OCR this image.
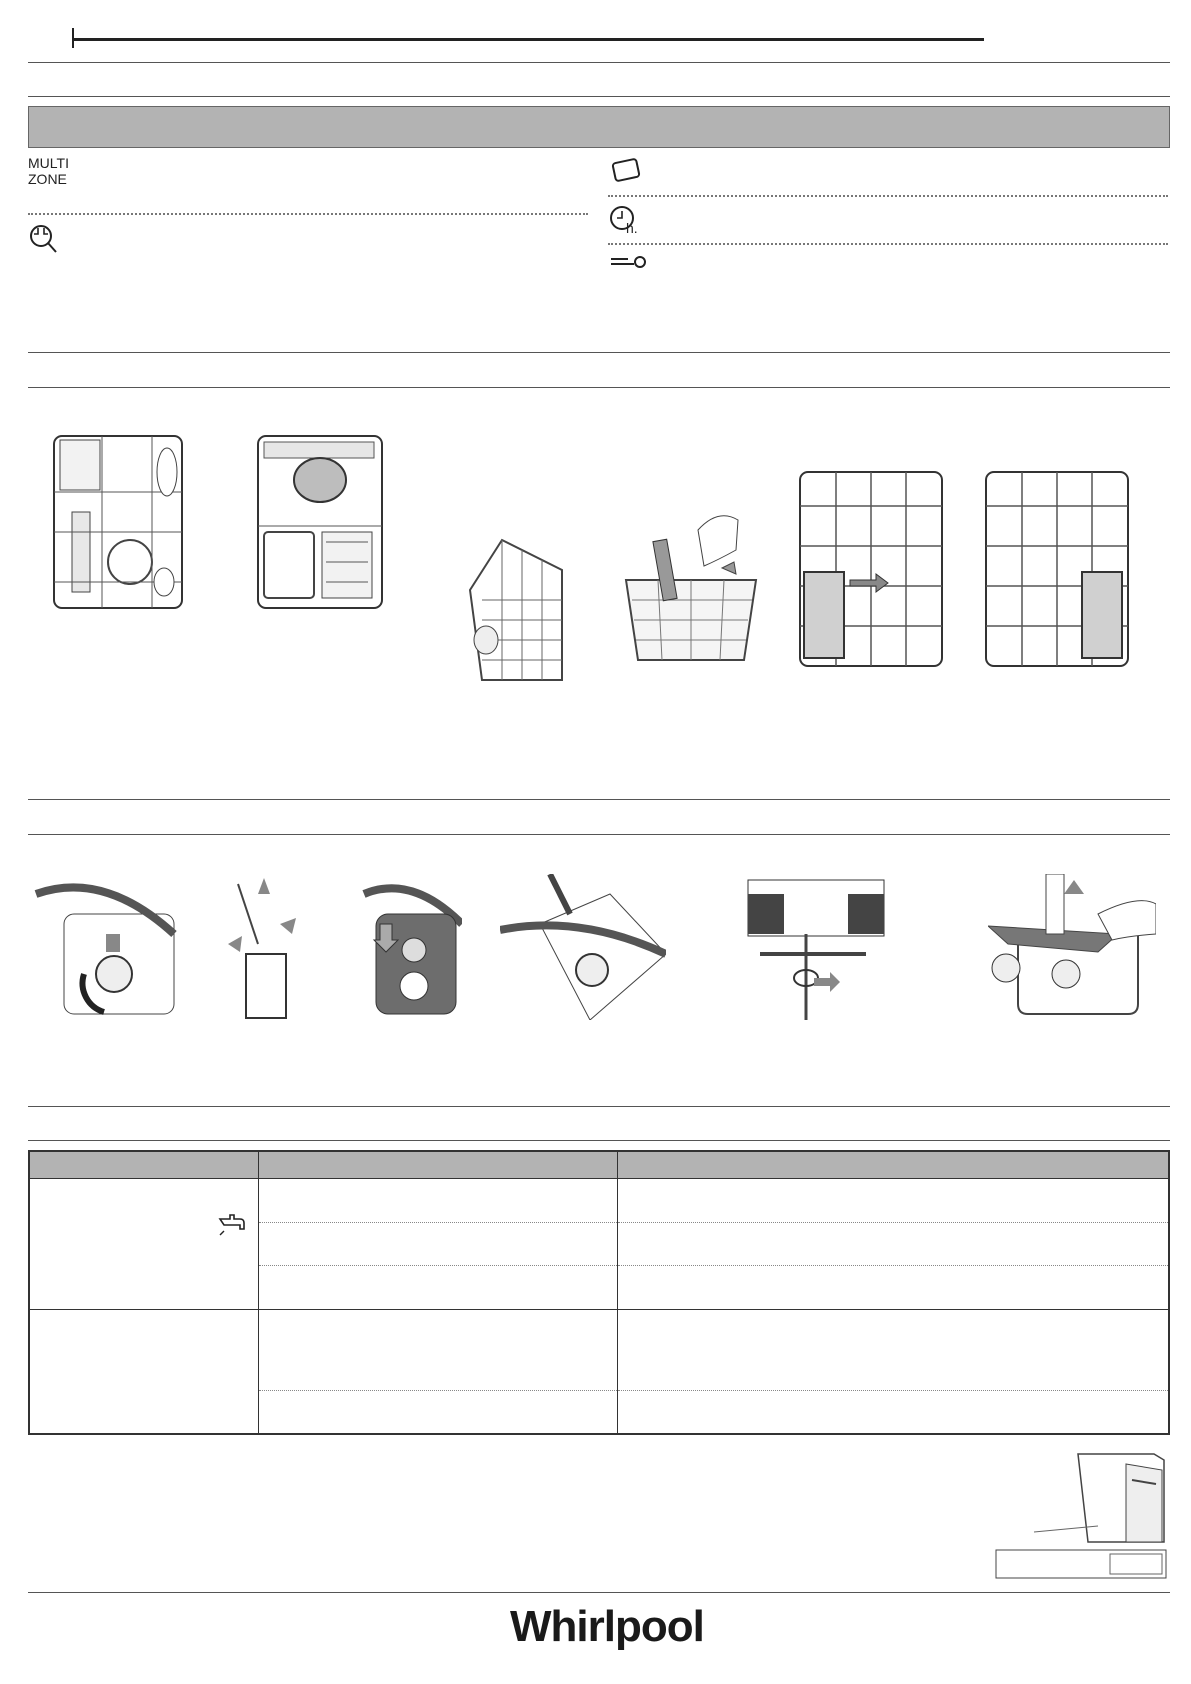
MULTI
ZONE
h.

Whirlpool
